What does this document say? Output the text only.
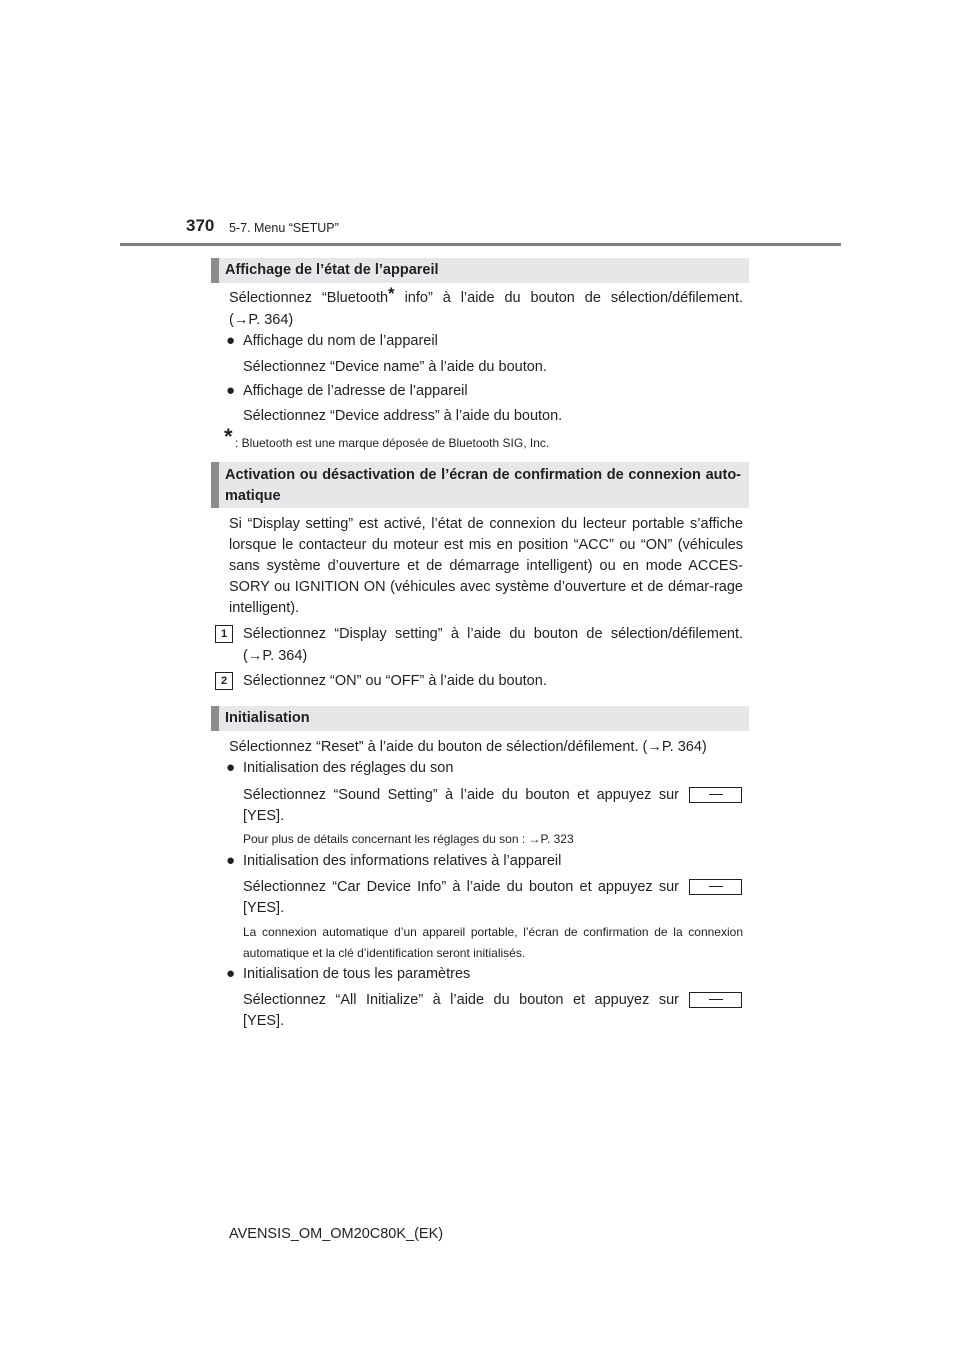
370 5-7. Menu “SETUP”
Affichage de l’état de l’appareil
Sélectionnez “Bluetooth* info” à l’aide du bouton de sélection/défilement.
(→P. 364)
● Affichage du nom de l’appareil
Sélectionnez “Device name” à l’aide du bouton.
● Affichage de l’adresse de l’appareil
Sélectionnez “Device address” à l’aide du bouton.
* : Bluetooth est une marque déposée de Bluetooth SIG, Inc.
Activation ou désactivation de l’écran de confirmation de connexion auto-matique
Si “Display setting” est activé, l’état de connexion du lecteur portable s’affiche lorsque le contacteur du moteur est mis en position “ACC” ou “ON” (véhicules sans système d’ouverture et de démarrage intelligent) ou en mode ACCES-SORY ou IGNITION ON (véhicules avec système d’ouverture et de démar-rage intelligent).
1	Sélectionnez “Display setting” à l’aide du bouton de sélection/défilement.
(→P. 364)
2	Sélectionnez “ON” ou “OFF” à l’aide du bouton.
Initialisation
Sélectionnez “Reset” à l’aide du bouton de sélection/défilement. (→P. 364)
● Initialisation des réglages du son
Sélectionnez “Sound Setting” à l’aide du bouton et appuyez sur
[YES].
Pour plus de détails concernant les réglages du son : →P. 323
● Initialisation des informations relatives à l’appareil
Sélectionnez “Car Device Info” à l’aide du bouton et appuyez sur
[YES].
La connexion automatique d’un appareil portable, l’écran de confirmation de la connexion automatique et la clé d’identification seront initialisés.
● Initialisation de tous les paramètres
Sélectionnez “All Initialize” à l’aide du bouton et appuyez sur
[YES].
AVENSIS_OM_OM20C80K_(EK)
